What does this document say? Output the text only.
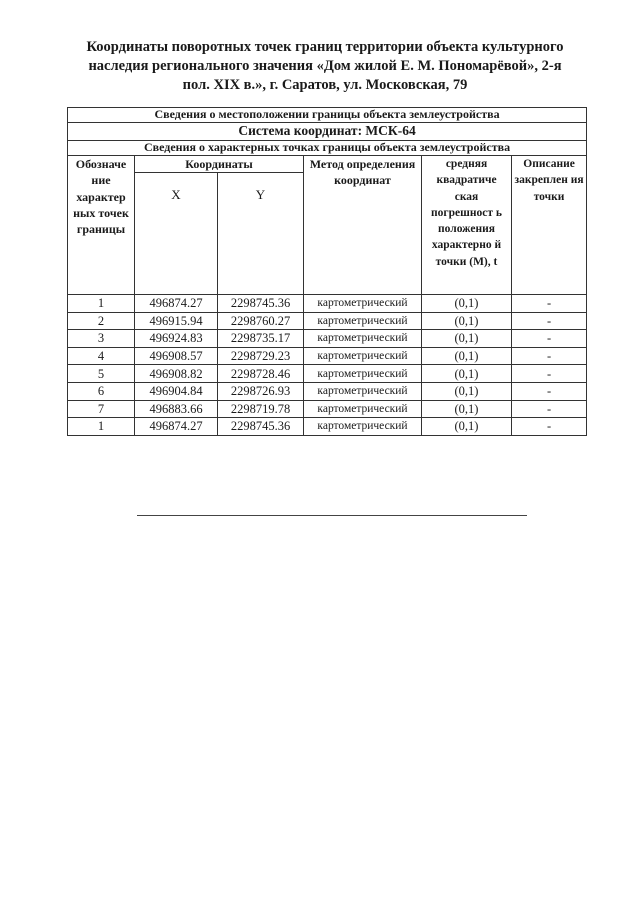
Координаты поворотных точек границ территории объекта культурного
наследия регионального значения «Дом жилой Е. М. Пономарёвой», 2-я
пол. XIX в.», г. Саратов, ул. Московская, 79
Сведения о местоположении границы объекта землеустройства					
Система координат: МСК-64					
Сведения о характерных точках границы объекта землеустройства					
Обозначе ние характер ных точек границы	Координаты		Метод определения координат	средняя квадратиче ская погрешност ь положения характерно й точки (М), t	Описание закреплен ия точки
	X	Y			
1	496874.27	2298745.36	картометрический	(0,1)	-
2	496915.94	2298760.27	картометрический	(0,1)	-
3	496924.83	2298735.17	картометрический	(0,1)	-
4	496908.57	2298729.23	картометрический	(0,1)	-
5	496908.82	2298728.46	картометрический	(0,1)	-
6	496904.84	2298726.93	картометрический	(0,1)	-
7	496883.66	2298719.78	картометрический	(0,1)	-
1	496874.27	2298745.36	картометрический	(0,1)	-
